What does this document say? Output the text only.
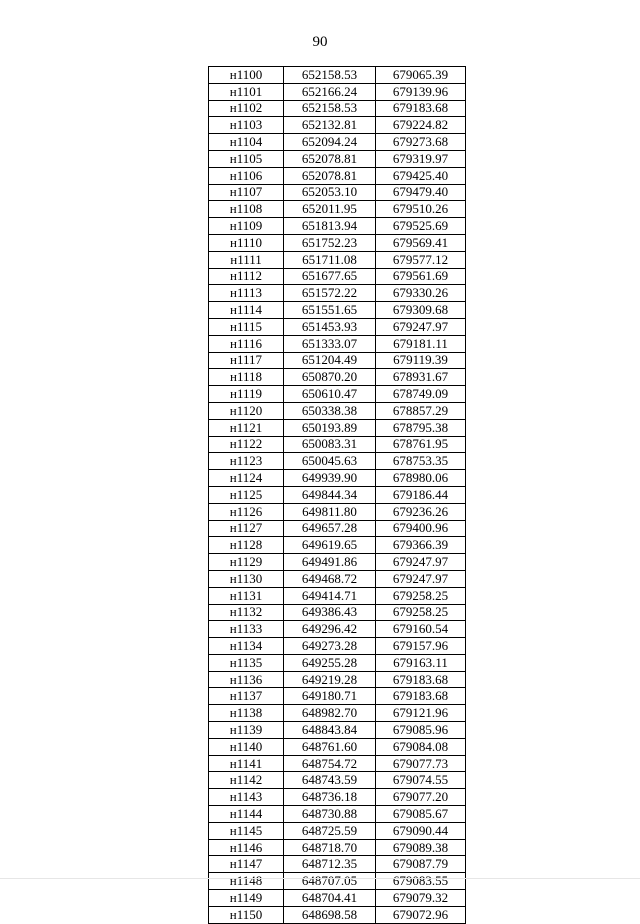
90
н1100	652158.53	679065.39
н1101	652166.24	679139.96
н1102	652158.53	679183.68
н1103	652132.81	679224.82
н1104	652094.24	679273.68
н1105	652078.81	679319.97
н1106	652078.81	679425.40
н1107	652053.10	679479.40
н1108	652011.95	679510.26
н1109	651813.94	679525.69
н1110	651752.23	679569.41
н1111	651711.08	679577.12
н1112	651677.65	679561.69
н1113	651572.22	679330.26
н1114	651551.65	679309.68
н1115	651453.93	679247.97
н1116	651333.07	679181.11
н1117	651204.49	679119.39
н1118	650870.20	678931.67
н1119	650610.47	678749.09
н1120	650338.38	678857.29
н1121	650193.89	678795.38
н1122	650083.31	678761.95
н1123	650045.63	678753.35
н1124	649939.90	678980.06
н1125	649844.34	679186.44
н1126	649811.80	679236.26
н1127	649657.28	679400.96
н1128	649619.65	679366.39
н1129	649491.86	679247.97
н1130	649468.72	679247.97
н1131	649414.71	679258.25
н1132	649386.43	679258.25
н1133	649296.42	679160.54
н1134	649273.28	679157.96
н1135	649255.28	679163.11
н1136	649219.28	679183.68
н1137	649180.71	679183.68
н1138	648982.70	679121.96
н1139	648843.84	679085.96
н1140	648761.60	679084.08
н1141	648754.72	679077.73
н1142	648743.59	679074.55
н1143	648736.18	679077.20
н1144	648730.88	679085.67
н1145	648725.59	679090.44
н1146	648718.70	679089.38
н1147	648712.35	679087.79
н1148	648707.05	679083.55
н1149	648704.41	679079.32
н1150	648698.58	679072.96
